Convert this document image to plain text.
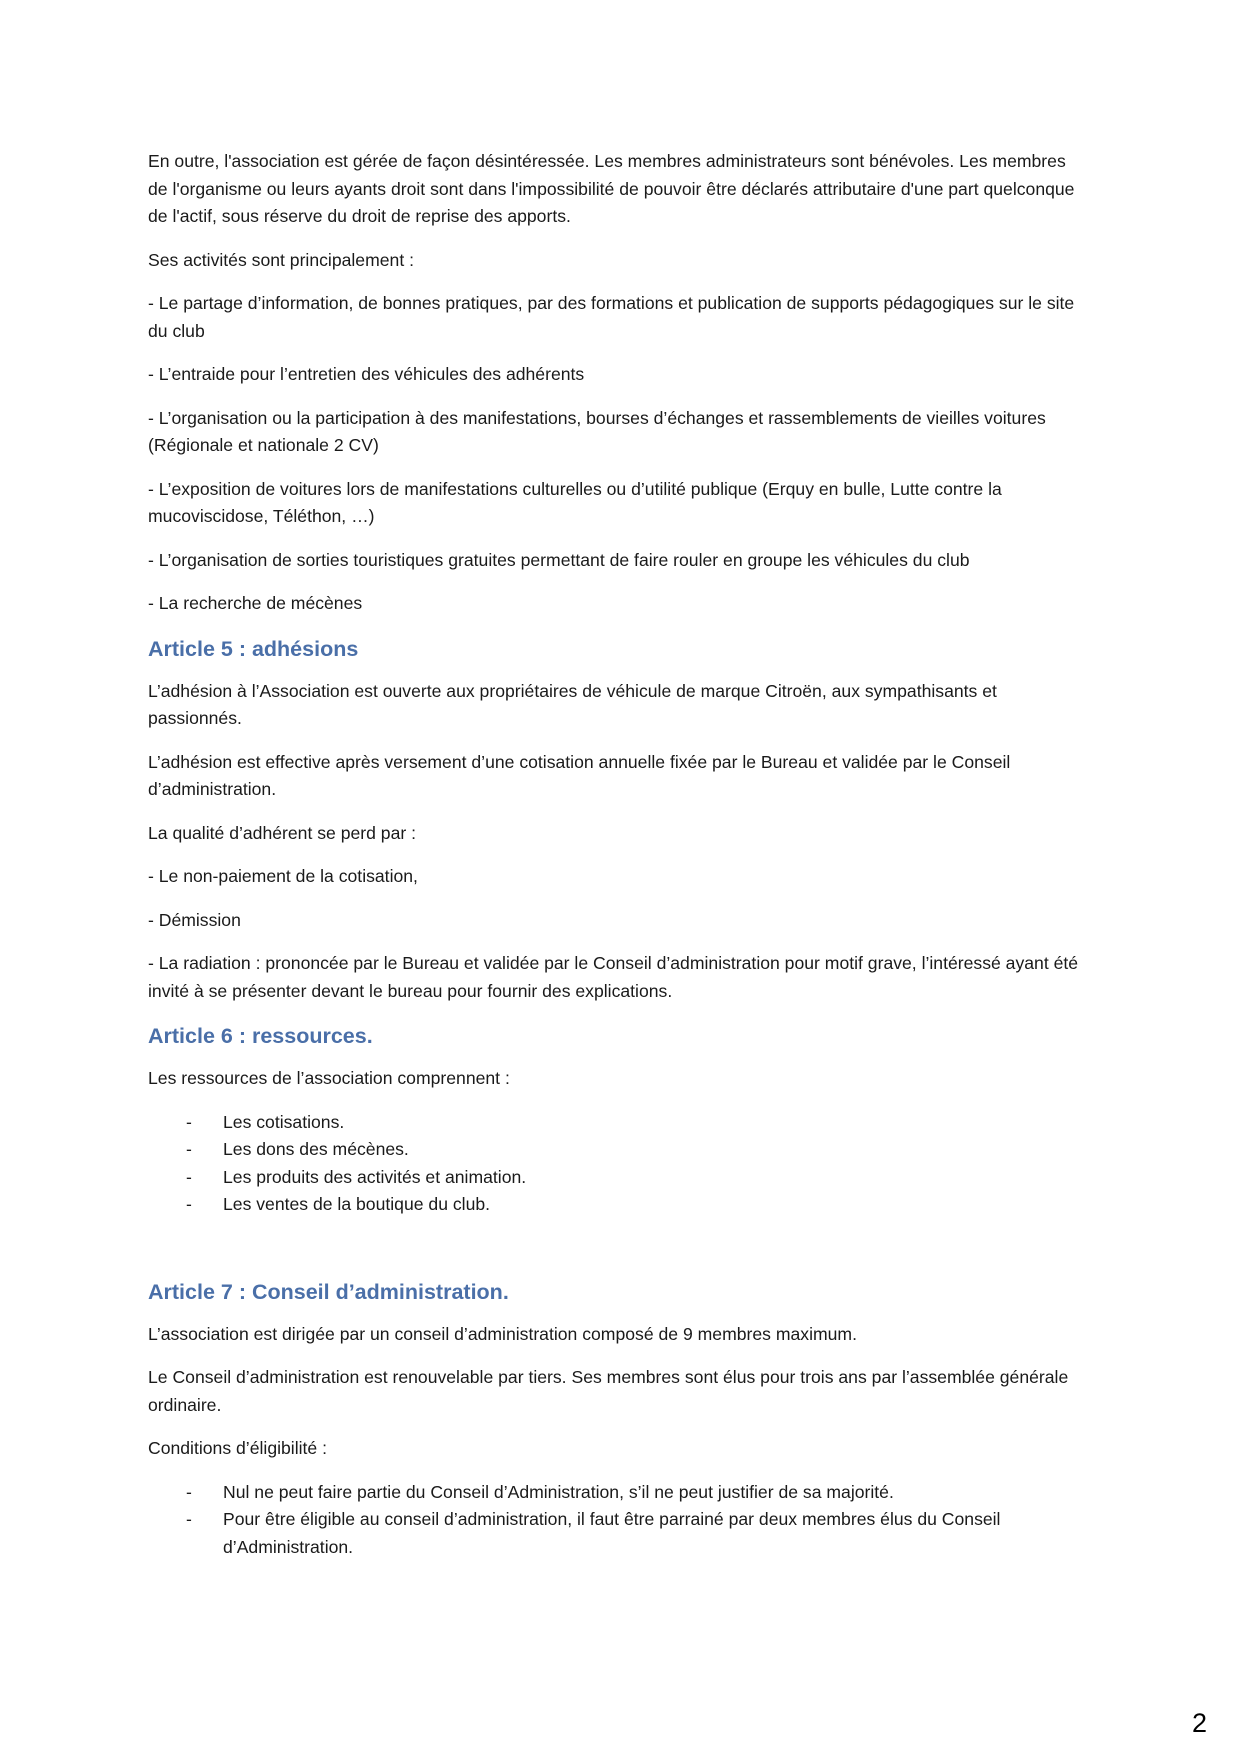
En outre, l'association est gérée de façon désintéressée. Les membres administrateurs sont bénévoles. Les membres de l'organisme ou leurs ayants droit sont dans l'impossibilité de pouvoir être déclarés attributaire d'une part quelconque de l'actif, sous réserve du droit de reprise des apports.

Ses activités sont principalement :

- Le partage d’information, de bonnes pratiques, par des formations et publication de supports pédagogiques sur le site du club

- L’entraide pour l’entretien des véhicules des adhérents

- L’organisation ou la participation à des manifestations, bourses d’échanges et rassemblements de vieilles voitures (Régionale et nationale 2 CV)

- L’exposition de voitures lors de manifestations culturelles ou d’utilité publique (Erquy en bulle, Lutte contre la mucoviscidose, Téléthon, …)

- L’organisation de sorties touristiques gratuites permettant de faire rouler en groupe les véhicules du club

- La recherche de mécènes

Article 5 : adhésions

L’adhésion à l’Association est ouverte aux propriétaires de véhicule de marque Citroën, aux sympathisants et passionnés.

L’adhésion est effective après versement d’une cotisation annuelle fixée par le Bureau et validée par le Conseil d’administration.

La qualité d’adhérent se perd par :

- Le non-paiement de la cotisation,

- Démission

- La radiation : prononcée par le Bureau et validée par le Conseil d’administration pour motif grave, l’intéressé ayant été invité à se présenter devant le bureau pour fournir des explications.

Article 6 : ressources.

Les ressources de l’association comprennent :

- Les cotisations.
- Les dons des mécènes.
- Les produits des activités et animation.
- Les ventes de la boutique du club.
Article 7 : Conseil d’administration.

L’association est dirigée par un conseil d’administration composé de 9 membres maximum.

Le Conseil d’administration est renouvelable par tiers. Ses membres sont élus pour trois ans par l’assemblée générale ordinaire.

Conditions d’éligibilité :

- Nul ne peut faire partie du Conseil d’Administration, s’il ne peut justifier de sa majorité.
- Pour être éligible au conseil d’administration, il faut être parrainé par deux membres élus du Conseil d’Administration.
2
